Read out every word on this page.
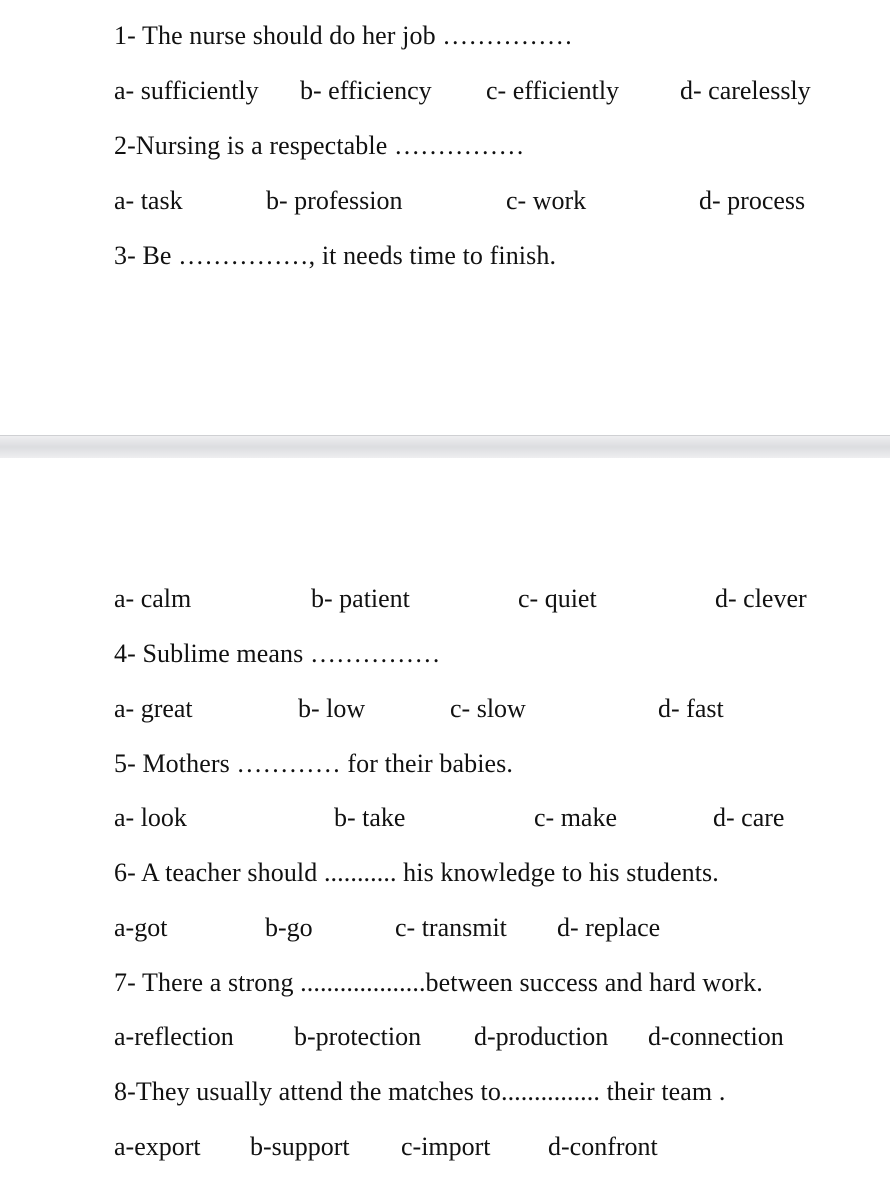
1- The nurse should do her job ……………
a- sufficiently b- efficiency c- efficiently d- carelessly
2-Nursing is a respectable ……………
a- task	b- profession	c- work	d- process
3- Be ……………, it needs time to finish.
a- calm	b- patient	c- quiet	d- clever
4- Sublime means ……………
a- great	b- low	c- slow	d- fast
5- Mothers ………… for their babies.
a- look	b- take	c- make	d- care
6- A teacher should ........... his knowledge to his students.
a-got	b-go	c- transmit d- replace
7- There a strong ...................between success and hard work.
a-reflection b-protection d-production d-connection
8-They usually attend the matches to............... their team .
a-export b-support c-import d-confront
